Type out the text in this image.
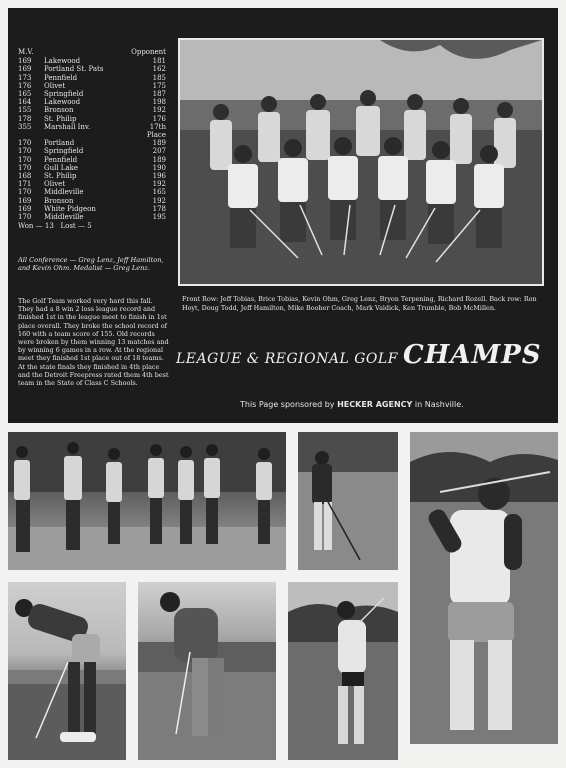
M.V.	Opponent
169	Lakewood	181
169	Portland St. Pats	162
173	Pennfield	185
176	Olivet	175
165	Springfield	187
164	Lakewood	198
155	Bronson	192
178	St. Philip	176
355	Marshall Inv.	17th Place
170	Portland	189
170	Springfield	207
170	Pennfield	189
170	Gull Lake	190
168	St. Philip	196
171	Olivet	192
170	Middleville	165
169	Bronson	192
169	White Pidgeon	178
170	Middleville	195
Won — 13   Lost — 5
All Conference — Greg Lenz, Jeff Hamilton, and Kevin Ohm. Medalist — Greg Lenz.
The Golf Team worked very hard this fall. They had a 8 win 2 loss league record and finished 1st in the league meet to finish in 1st place overall. They broke the school record of 160 with a team score of 155. Old records were broken by them winning 13 matches and by winning 6 games in a row. At the regional meet they finished 1st place out of 18 teams. At the state finals they finished in 4th place and the Detroit Freepress rated them 4th best team in the State of Class C Schools.
Front Row: Jeff Tobias, Brice Tobias, Kevin Ohm, Greg Lenz, Bryon Terpening, Richard Rozell. Back row: Ron Hoyt, Doug Todd, Jeff Hamilton, Mike Booher Coach, Mark Valdick, Ken Trumble, Bob McMillen.
LEAGUE & REGIONAL GOLF CHAMPS
This Page sponsored by HECKER AGENCY in Nashville.
